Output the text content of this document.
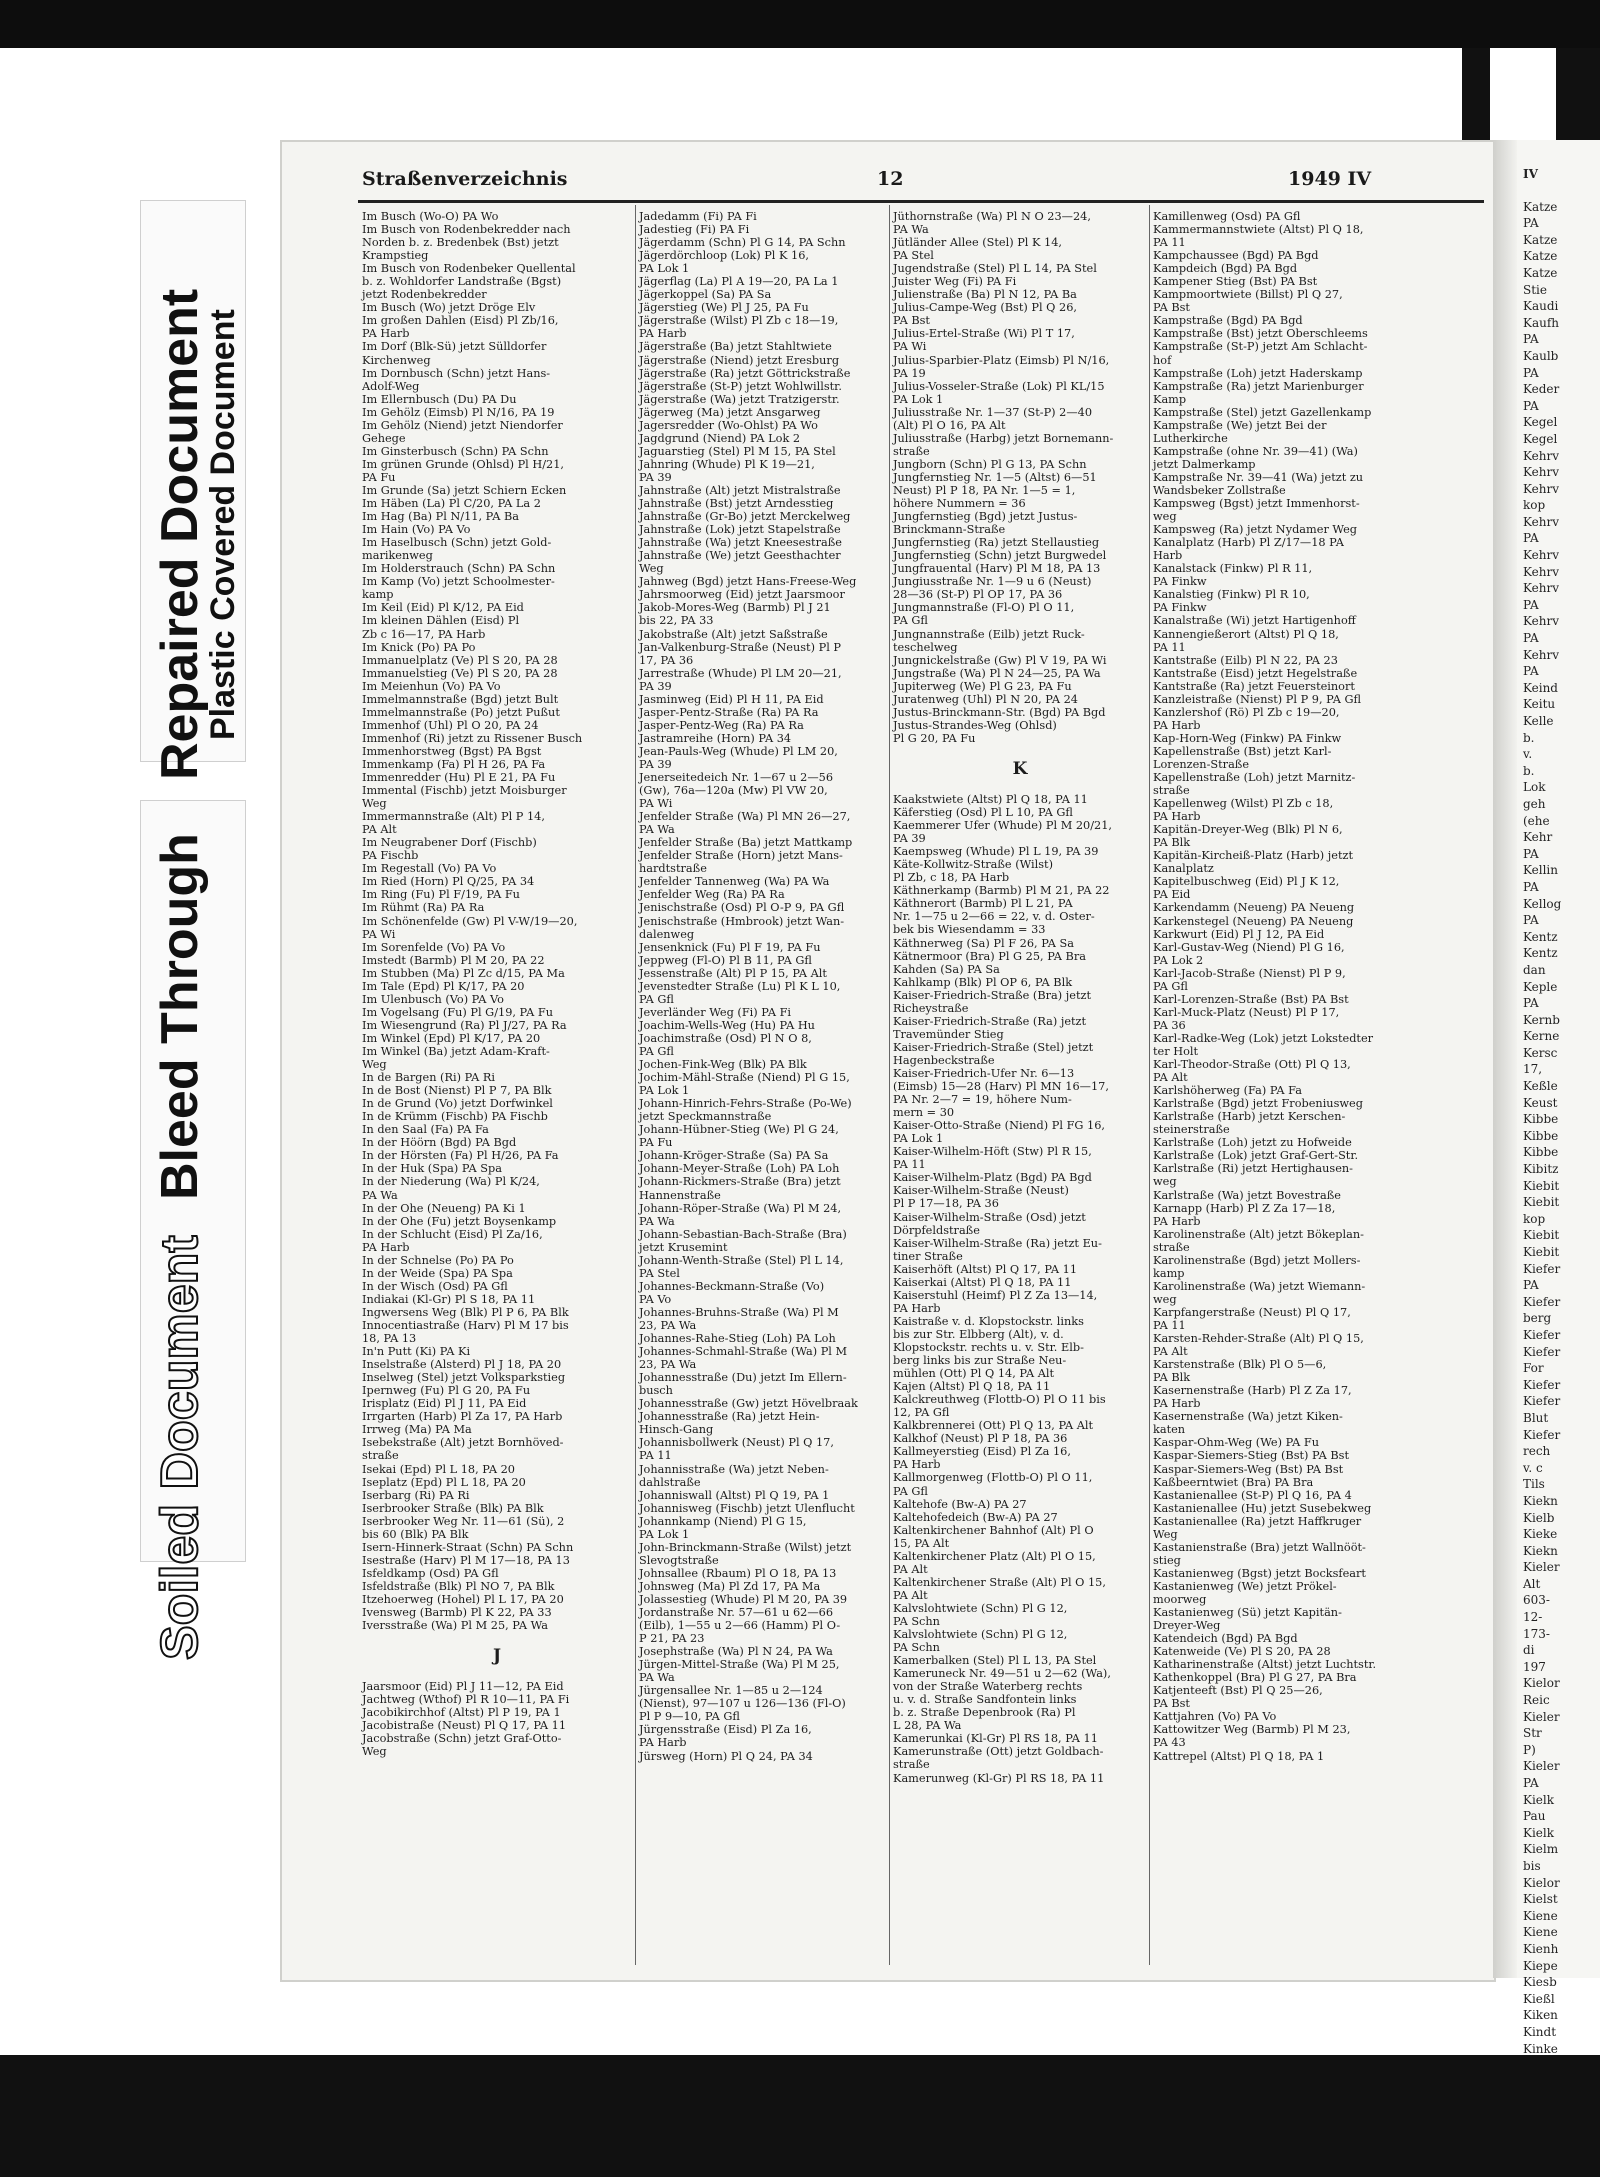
Repaired Document
Plastic Covered Document
Bleed Through
Soiled Document
Straßenverzeichnis	12	1949 IV
Im Busch (Wo-O) PA Wo
Im Busch von Rodenbekredder nach
Norden b. z. Bredenbek (Bst) jetzt
Krampstieg
Im Busch von Rodenbeker Quellental
b. z. Wohldorfer Landstraße (Bgst)
jetzt Rodenbekredder
Im Busch (Wo) jetzt Dröge Elv
Im großen Dahlen (Eisd) Pl Zb/16,
PA Harb
Im Dorf (Blk-Sü) jetzt Sülldorfer
Kirchenweg
Im Dornbusch (Schn) jetzt Hans-
Adolf-Weg
Im Ellernbusch (Du) PA Du
Im Gehölz (Eimsb) Pl N/16, PA 19
Im Gehölz (Niend) jetzt Niendorfer
Gehege
Im Ginsterbusch (Schn) PA Schn
Im grünen Grunde (Ohlsd) Pl H/21,
PA Fu
Im Grunde (Sa) jetzt Schiern Ecken
Im Häben (La) Pl C/20, PA La 2
Im Hag (Ba) Pl N/11, PA Ba
Im Hain (Vo) PA Vo
Im Haselbusch (Schn) jetzt Gold-
marikenweg
Im Holderstrauch (Schn) PA Schn
Im Kamp (Vo) jetzt Schoolmester-
kamp
Im Keil (Eid) Pl K/12, PA Eid
Im kleinen Dählen (Eisd) Pl
Zb c 16—17, PA Harb
Im Knick (Po) PA Po
Immanuelplatz (Ve) Pl S 20, PA 28
Immanuelstieg (Ve) Pl S 20, PA 28
Im Meienhun (Vo) PA Vo
Immelmannstraße (Bgd) jetzt Bult
Immelmannstraße (Po) jetzt Pußut
Immenhof (Uhl) Pl O 20, PA 24
Immenhof (Ri) jetzt zu Rissener Busch
Immenhorstweg (Bgst) PA Bgst
Immenkamp (Fa) Pl H 26, PA Fa
Immenredder (Hu) Pl E 21, PA Fu
Immental (Fischb) jetzt Moisburger
Weg
Immermannstraße (Alt) Pl P 14,
PA Alt
Im Neugrabener Dorf (Fischb)
PA Fischb
Im Regestall (Vo) PA Vo
Im Ried (Horn) Pl Q/25, PA 34
Im Ring (Fu) Pl F/19, PA Fu
Im Rühmt (Ra) PA Ra
Im Schönenfelde (Gw) Pl V-W/19—20,
PA Wi
Im Sorenfelde (Vo) PA Vo
Imstedt (Barmb) Pl M 20, PA 22
Im Stubben (Ma) Pl Zc d/15, PA Ma
Im Tale (Epd) Pl K/17, PA 20
Im Ulenbusch (Vo) PA Vo
Im Vogelsang (Fu) Pl G/19, PA Fu
Im Wiesengrund (Ra) Pl J/27, PA Ra
Im Winkel (Epd) Pl K/17, PA 20
Im Winkel (Ba) jetzt Adam-Kraft-
Weg
In de Bargen (Ri) PA Ri
In de Bost (Nienst) Pl P 7, PA Blk
In de Grund (Vo) jetzt Dorfwinkel
In de Krümm (Fischb) PA Fischb
In den Saal (Fa) PA Fa
In der Höörn (Bgd) PA Bgd
In der Hörsten (Fa) Pl H/26, PA Fa
In der Huk (Spa) PA Spa
In der Niederung (Wa) Pl K/24,
PA Wa
In der Ohe (Neueng) PA Ki 1
In der Ohe (Fu) jetzt Boysenkamp
In der Schlucht (Eisd) Pl Za/16,
PA Harb
In der Schnelse (Po) PA Po
In der Weide (Spa) PA Spa
In der Wisch (Osd) PA Gfl
Indiakai (Kl-Gr) Pl S 18, PA 11
Ingwersens Weg (Blk) Pl P 6, PA Blk
Innocentiastraße (Harv) Pl M 17 bis
18, PA 13
In'n Putt (Ki) PA Ki
Inselstraße (Alsterd) Pl J 18, PA 20
Inselweg (Stel) jetzt Volksparkstieg
Ipernweg (Fu) Pl G 20, PA Fu
Irisplatz (Eid) Pl J 11, PA Eid
Irrgarten (Harb) Pl Za 17, PA Harb
Irrweg (Ma) PA Ma
Isebekstraße (Alt) jetzt Bornhöved-
straße
Isekai (Epd) Pl L 18, PA 20
Iseplatz (Epd) Pl L 18, PA 20
Iserbarg (Ri) PA Ri
Iserbrooker Straße (Blk) PA Blk
Iserbrooker Weg Nr. 11—61 (Sü), 2
bis 60 (Blk) PA Blk
Isern-Hinnerk-Straat (Schn) PA Schn
Isestraße (Harv) Pl M 17—18, PA 13
Isfeldkamp (Osd) PA Gfl
Isfeldstraße (Blk) Pl NO 7, PA Blk
Itzehoerweg (Hohel) Pl L 17, PA 20
Ivensweg (Barmb) Pl K 22, PA 33
Iversstraße (Wa) Pl M 25, PA Wa

J

Jaarsmoor (Eid) Pl J 11—12, PA Eid
Jachtweg (Wthof) Pl R 10—11, PA Fi
Jacobikirchhof (Altst) Pl P 19, PA 1
Jacobistraße (Neust) Pl Q 17, PA 11
Jacobstraße (Schn) jetzt Graf-Otto-
Weg
Jadedamm (Fi) PA Fi
Jadestieg (Fi) PA Fi
Jägerdamm (Schn) Pl G 14, PA Schn
Jägerdörchloop (Lok) Pl K 16,
PA Lok 1
Jägerflag (La) Pl A 19—20, PA La 1
Jägerkoppel (Sa) PA Sa
Jägerstieg (We) Pl J 25, PA Fu
Jägerstraße (Wilst) Pl Zb c 18—19,
PA Harb
Jägerstraße (Ba) jetzt Stahltwiete
Jägerstraße (Niend) jetzt Eresburg
Jägerstraße (Ra) jetzt Göttrickstraße
Jägerstraße (St-P) jetzt Wohlwillstr.
Jägerstraße (Wa) jetzt Tratzigerstr.
Jägerweg (Ma) jetzt Ansgarweg
Jagersredder (Wo-Ohlst) PA Wo
Jagdgrund (Niend) PA Lok 2
Jaguarstieg (Stel) Pl M 15, PA Stel
Jahnring (Whude) Pl K 19—21,
PA 39
Jahnstraße (Alt) jetzt Mistralstraße
Jahnstraße (Bst) jetzt Arndesstieg
Jahnstraße (Gr-Bo) jetzt Merckelweg
Jahnstraße (Lok) jetzt Stapelstraße
Jahnstraße (Wa) jetzt Kneesestraße
Jahnstraße (We) jetzt Geesthachter
Weg
Jahnweg (Bgd) jetzt Hans-Freese-Weg
Jahrsmoorweg (Eid) jetzt Jaarsmoor
Jakob-Mores-Weg (Barmb) Pl J 21
bis 22, PA 33
Jakobstraße (Alt) jetzt Saßstraße
Jan-Valkenburg-Straße (Neust) Pl P
17, PA 36
Jarrestraße (Whude) Pl LM 20—21,
PA 39
Jasminweg (Eid) Pl H 11, PA Eid
Jasper-Pentz-Straße (Ra) PA Ra
Jasper-Pentz-Weg (Ra) PA Ra
Jastramreihe (Horn) PA 34
Jean-Pauls-Weg (Whude) Pl LM 20,
PA 39
Jenerseitedeich Nr. 1—67 u 2—56
(Gw), 76a—120a (Mw) Pl VW 20,
PA Wi
Jenfelder Straße (Wa) Pl MN 26—27,
PA Wa
Jenfelder Straße (Ba) jetzt Mattkamp
Jenfelder Straße (Horn) jetzt Mans-
hardtstraße
Jenfelder Tannenweg (Wa) PA Wa
Jenfelder Weg (Ra) PA Ra
Jenischstraße (Osd) Pl O-P 9, PA Gfl
Jenischstraße (Hmbrook) jetzt Wan-
dalenweg
Jensenknick (Fu) Pl F 19, PA Fu
Jeppweg (Fl-O) Pl B 11, PA Gfl
Jessenstraße (Alt) Pl P 15, PA Alt
Jevenstedter Straße (Lu) Pl K L 10,
PA Gfl
Jeverländer Weg (Fi) PA Fi
Joachim-Wells-Weg (Hu) PA Hu
Joachimstraße (Osd) Pl N O 8,
PA Gfl
Jochen-Fink-Weg (Blk) PA Blk
Jochim-Mähl-Straße (Niend) Pl G 15,
PA Lok 1
Johann-Hinrich-Fehrs-Straße (Po-We)
jetzt Speckmannstraße
Johann-Hübner-Stieg (We) Pl G 24,
PA Fu
Johann-Kröger-Straße (Sa) PA Sa
Johann-Meyer-Straße (Loh) PA Loh
Johann-Rickmers-Straße (Bra) jetzt
Hannenstraße
Johann-Röper-Straße (Wa) Pl M 24,
PA Wa
Johann-Sebastian-Bach-Straße (Bra)
jetzt Krusemint
Johann-Wenth-Straße (Stel) Pl L 14,
PA Stel
Johannes-Beckmann-Straße (Vo)
PA Vo
Johannes-Bruhns-Straße (Wa) Pl M
23, PA Wa
Johannes-Rahe-Stieg (Loh) PA Loh
Johannes-Schmahl-Straße (Wa) Pl M
23, PA Wa
Johannesstraße (Du) jetzt Im Ellern-
busch
Johannesstraße (Gw) jetzt Hövelbraak
Johannesstraße (Ra) jetzt Hein-
Hinsch-Gang
Johannisbollwerk (Neust) Pl Q 17,
PA 11
Johannisstraße (Wa) jetzt Neben-
dahlstraße
Johanniswall (Altst) Pl Q 19, PA 1
Johannisweg (Fischb) jetzt Ulenflucht
Johannkamp (Niend) Pl G 15,
PA Lok 1
John-Brinckmann-Straße (Wilst) jetzt
Slevogtstraße
Johnsallee (Rbaum) Pl O 18, PA 13
Johnsweg (Ma) Pl Zd 17, PA Ma
Jolassestieg (Whude) Pl M 20, PA 39
Jordanstraße Nr. 57—61 u 62—66
(Eilb), 1—55 u 2—66 (Hamm) Pl O-
P 21, PA 23
Josephstraße (Wa) Pl N 24, PA Wa
Jürgen-Mittel-Straße (Wa) Pl M 25,
PA Wa
Jürgensallee Nr. 1—85 u 2—124
(Nienst), 97—107 u 126—136 (Fl-O)
Pl P 9—10, PA Gfl
Jürgensstraße (Eisd) Pl Za 16,
PA Harb
Jürsweg (Horn) Pl Q 24, PA 34
Jüthornstraße (Wa) Pl N O 23—24,
PA Wa
Jütländer Allee (Stel) Pl K 14,
PA Stel
Jugendstraße (Stel) Pl L 14, PA Stel
Juister Weg (Fi) PA Fi
Julienstraße (Ba) Pl N 12, PA Ba
Julius-Campe-Weg (Bst) Pl Q 26,
PA Bst
Julius-Ertel-Straße (Wi) Pl T 17,
PA Wi
Julius-Sparbier-Platz (Eimsb) Pl N/16,
PA 19
Julius-Vosseler-Straße (Lok) Pl KL/15
PA Lok 1
Juliusstraße Nr. 1—37 (St-P) 2—40
(Alt) Pl O 16, PA Alt
Juliusstraße (Harbg) jetzt Bornemann-
straße
Jungborn (Schn) Pl G 13, PA Schn
Jungfernstieg Nr. 1—5 (Altst) 6—51
Neust) Pl P 18, PA Nr. 1—5 = 1,
höhere Nummern = 36
Jungfernstieg (Bgd) jetzt Justus-
Brinckmann-Straße
Jungfernstieg (Ra) jetzt Stellaustieg
Jungfernstieg (Schn) jetzt Burgwedel
Jungfrauental (Harv) Pl M 18, PA 13
Jungiusstraße Nr. 1—9 u 6 (Neust)
28—36 (St-P) Pl OP 17, PA 36
Jungmannstraße (Fl-O) Pl O 11,
PA Gfl
Jungnannstraße (Eilb) jetzt Ruck-
teschelweg
Jungnickelstraße (Gw) Pl V 19, PA Wi
Jungstraße (Wa) Pl N 24—25, PA Wa
Jupiterweg (We) Pl G 23, PA Fu
Juratenweg (Uhl) Pl N 20, PA 24
Justus-Brinckmann-Str. (Bgd) PA Bgd
Justus-Strandes-Weg (Ohlsd)
Pl G 20, PA Fu

K

Kaakstwiete (Altst) Pl Q 18, PA 11
Käferstieg (Osd) Pl L 10, PA Gfl
Kaemmerer Ufer (Whude) Pl M 20/21,
PA 39
Kaempsweg (Whude) Pl L 19, PA 39
Käte-Kollwitz-Straße (Wilst)
Pl Zb, c 18, PA Harb
Käthnerkamp (Barmb) Pl M 21, PA 22
Käthnerort (Barmb) Pl L 21, PA
Nr. 1—75 u 2—66 = 22, v. d. Oster-
bek bis Wiesendamm = 33
Käthnerweg (Sa) Pl F 26, PA Sa
Kätnermoor (Bra) Pl G 25, PA Bra
Kahden (Sa) PA Sa
Kahlkamp (Blk) Pl OP 6, PA Blk
Kaiser-Friedrich-Straße (Bra) jetzt
Richeystraße
Kaiser-Friedrich-Straße (Ra) jetzt
Travemünder Stieg
Kaiser-Friedrich-Straße (Stel) jetzt
Hagenbeckstraße
Kaiser-Friedrich-Ufer Nr. 6—13
(Eimsb) 15—28 (Harv) Pl MN 16—17,
PA Nr. 2—7 = 19, höhere Num-
mern = 30
Kaiser-Otto-Straße (Niend) Pl FG 16,
PA Lok 1
Kaiser-Wilhelm-Höft (Stw) Pl R 15,
PA 11
Kaiser-Wilhelm-Platz (Bgd) PA Bgd
Kaiser-Wilhelm-Straße (Neust)
Pl P 17—18, PA 36
Kaiser-Wilhelm-Straße (Osd) jetzt
Dörpfeldstraße
Kaiser-Wilhelm-Straße (Ra) jetzt Eu-
tiner Straße
Kaiserhöft (Altst) Pl Q 17, PA 11
Kaiserkai (Altst) Pl Q 18, PA 11
Kaiserstuhl (Heimf) Pl Z Za 13—14,
PA Harb
Kaistraße v. d. Klopstockstr. links
bis zur Str. Elbberg (Alt), v. d.
Klopstockstr. rechts u. v. Str. Elb-
berg links bis zur Straße Neu-
mühlen (Ott) Pl Q 14, PA Alt
Kajen (Altst) Pl Q 18, PA 11
Kalckreuthweg (Flottb-O) Pl O 11 bis
12, PA Gfl
Kalkbrennerei (Ott) Pl Q 13, PA Alt
Kalkhof (Neust) Pl P 18, PA 36
Kallmeyerstieg (Eisd) Pl Za 16,
PA Harb
Kallmorgenweg (Flottb-O) Pl O 11,
PA Gfl
Kaltehofe (Bw-A) PA 27
Kaltehofedeich (Bw-A) PA 27
Kaltenkirchener Bahnhof (Alt) Pl O
15, PA Alt
Kaltenkirchener Platz (Alt) Pl O 15,
PA Alt
Kaltenkirchener Straße (Alt) Pl O 15,
PA Alt
Kalvslohtwiete (Schn) Pl G 12,
PA Schn
Kalvslohtwiete (Schn) Pl G 12,
PA Schn
Kamerbalken (Stel) Pl L 13, PA Stel
Kameruneck Nr. 49—51 u 2—62 (Wa),
von der Straße Waterberg rechts
u. v. d. Straße Sandfontein links
b. z. Straße Depenbrook (Ra) Pl
L 28, PA Wa
Kamerunkai (Kl-Gr) Pl RS 18, PA 11
Kamerunstraße (Ott) jetzt Goldbach-
straße
Kamerunweg (Kl-Gr) Pl RS 18, PA 11
Kamillenweg (Osd) PA Gfl
Kammermannstwiete (Altst) Pl Q 18,
PA 11
Kampchaussee (Bgd) PA Bgd
Kampdeich (Bgd) PA Bgd
Kampener Stieg (Bst) PA Bst
Kampmoortwiete (Billst) Pl Q 27,
PA Bst
Kampstraße (Bgd) PA Bgd
Kampstraße (Bst) jetzt Oberschleems
Kampstraße (St-P) jetzt Am Schlacht-
hof
Kampstraße (Loh) jetzt Haderskamp
Kampstraße (Ra) jetzt Marienburger
Kamp
Kampstraße (Stel) jetzt Gazellenkamp
Kampstraße (We) jetzt Bei der
Lutherkirche
Kampstraße (ohne Nr. 39—41) (Wa)
jetzt Dalmerkamp
Kampstraße Nr. 39—41 (Wa) jetzt zu
Wandsbeker Zollstraße
Kampsweg (Bgst) jetzt Immenhorst-
weg
Kampsweg (Ra) jetzt Nydamer Weg
Kanalplatz (Harb) Pl Z/17—18 PA
Harb
Kanalstack (Finkw) Pl R 11,
PA Finkw
Kanalstieg (Finkw) Pl R 10,
PA Finkw
Kanalstraße (Wi) jetzt Hartigenhoff
Kannengießerort (Altst) Pl Q 18,
PA 11
Kantstraße (Eilb) Pl N 22, PA 23
Kantstraße (Eisd) jetzt Hegelstraße
Kantstraße (Ra) jetzt Feuersteinort
Kanzleistraße (Nienst) Pl P 9, PA Gfl
Kanzlershof (Rö) Pl Zb c 19—20,
PA Harb
Kap-Horn-Weg (Finkw) PA Finkw
Kapellenstraße (Bst) jetzt Karl-
Lorenzen-Straße
Kapellenstraße (Loh) jetzt Marnitz-
straße
Kapellenweg (Wilst) Pl Zb c 18,
PA Harb
Kapitän-Dreyer-Weg (Blk) Pl N 6,
PA Blk
Kapitän-Kircheiß-Platz (Harb) jetzt
Kanalplatz
Kapitelbuschweg (Eid) Pl J K 12,
PA Eid
Karkendamm (Neueng) PA Neueng
Karkenstegel (Neueng) PA Neueng
Karkwurt (Eid) Pl J 12, PA Eid
Karl-Gustav-Weg (Niend) Pl G 16,
PA Lok 2
Karl-Jacob-Straße (Nienst) Pl P 9,
PA Gfl
Karl-Lorenzen-Straße (Bst) PA Bst
Karl-Muck-Platz (Neust) Pl P 17,
PA 36
Karl-Radke-Weg (Lok) jetzt Lokstedter
ter Holt
Karl-Theodor-Straße (Ott) Pl Q 13,
PA Alt
Karlshöherweg (Fa) PA Fa
Karlstraße (Bgd) jetzt Frobeniusweg
Karlstraße (Harb) jetzt Kerschen-
steinerstraße
Karlstraße (Loh) jetzt zu Hofweide
Karlstraße (Lok) jetzt Graf-Gert-Str.
Karlstraße (Ri) jetzt Hertighausen-
weg
Karlstraße (Wa) jetzt Bovestraße
Karnapp (Harb) Pl Z Za 17—18,
PA Harb
Karolinenstraße (Alt) jetzt Bökeplan-
straße
Karolinenstraße (Bgd) jetzt Mollers-
kamp
Karolinenstraße (Wa) jetzt Wiemann-
weg
Karpfangerstraße (Neust) Pl Q 17,
PA 11
Karsten-Rehder-Straße (Alt) Pl Q 15,
PA Alt
Karstenstraße (Blk) Pl O 5—6,
PA Blk
Kasernenstraße (Harb) Pl Z Za 17,
PA Harb
Kasernenstraße (Wa) jetzt Kiken-
katen
Kaspar-Ohm-Weg (We) PA Fu
Kaspar-Siemers-Stieg (Bst) PA Bst
Kaspar-Siemers-Weg (Bst) PA Bst
Kaßbeerntwiet (Bra) PA Bra
Kastanienallee (St-P) Pl Q 16, PA 4
Kastanienallee (Hu) jetzt Susebekweg
Kastanienallee (Ra) jetzt Haffkruger
Weg
Kastanienstraße (Bra) jetzt Wallnööt-
stieg
Kastanienweg (Bgst) jetzt Bocksfeart
Kastanienweg (We) jetzt Prökel-
moorweg
Kastanienweg (Sü) jetzt Kapitän-
Dreyer-Weg
Katendeich (Bgd) PA Bgd
Katenweide (Ve) Pl S 20, PA 28
Katharinenstraße (Altst) jetzt Luchtstr.
Kathenkoppel (Bra) Pl G 27, PA Bra
Katjenteeft (Bst) Pl Q 25—26,
PA Bst
Kattjahren (Vo) PA Vo
Kattowitzer Weg (Barmb) Pl M 23,
PA 43
Kattrepel (Altst) Pl Q 18, PA 1
IV
Katze
PA
Katze
Katze
Katze
Stie
Kaudi
Kaufh
PA
Kaulb
PA
Keder
PA
Kegel
Kegel
Kehrv
Kehrv
Kehrv
kop
Kehrv
PA
Kehrv
Kehrv
Kehrv
PA
Kehrv
PA
Kehrv
PA
Keind
Keitu
Kelle
b.
v.
b.
Lok
geh
(ehe
Kehr
PA
Kellin
PA
Kellog
PA
Kentz
Kentz
dan
Keple
PA
Kernb
Kerne
Kersc
17,
Keßle
Keust
Kibbe
Kibbe
Kibbe
Kibitz
Kiebit
Kiebit
kop
Kiebit
Kiebit
Kiefer
PA
Kiefer
berg
Kiefer
Kiefer
For
Kiefer
Kiefer
Blut
Kiefer
rech
v. c
Tils
Kiekn
Kielb
Kieke
Kiekn
Kieler
Alt
603-
12-
173-
di
197
Kielor
Reic
Kieler
Str
P)
Kieler
PA
Kielk
Pau
Kielk
Kielm
bis
Kielor
Kielst
Kiene
Kiene
Kienh
Kiepe
Kiesb
Kießl
Kiken
Kindt
Kinke
